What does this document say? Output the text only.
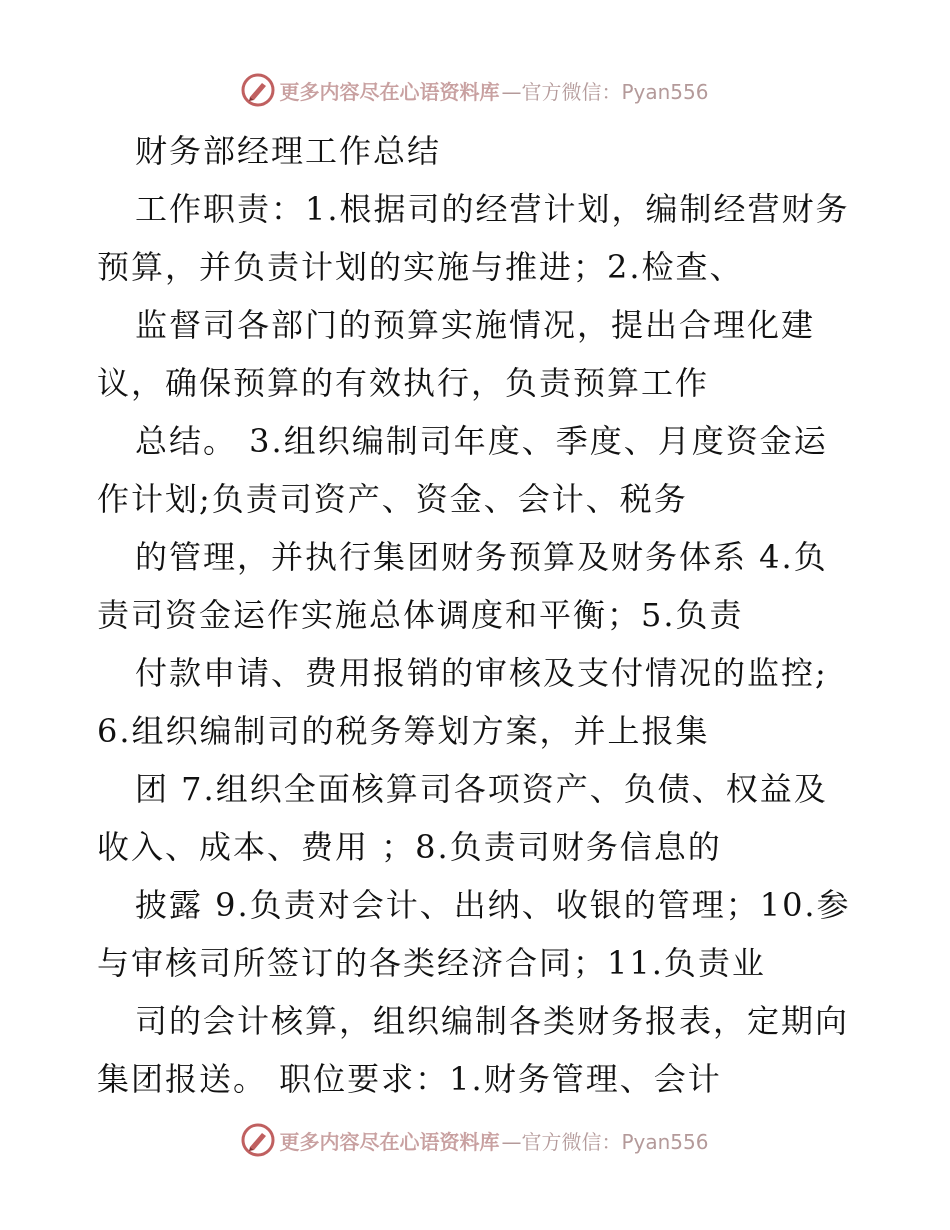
更多内容尽在心语资料库 —官方微信：Pyan556
财务部经理工作总结
工作职责：1.根据司的经营计划，编制经营财务
预算，并负责计划的实施与推进；2.检查、
监督司各部门的预算实施情况，提出合理化建
议，确保预算的有效执行，负责预算工作
总结。 3.组织编制司年度、季度、月度资金运
作计划;负责司资产、资金、会计、税务
的管理，并执行集团财务预算及财务体系 4.负
责司资金运作实施总体调度和平衡；5.负责
付款申请、费用报销的审核及支付情况的监控;
6.组织编制司的税务筹划方案，并上报集
团 7.组织全面核算司各项资产、负债、权益及
收入、成本、费用 ；8.负责司财务信息的
披露 9.负责对会计、出纳、收银的管理；10.参
与审核司所签订的各类经济合同；11.负责业
司的会计核算，组织编制各类财务报表，定期向
集团报送。 职位要求：1.财务管理、会计
更多内容尽在心语资料库 —官方微信：Pyan556
